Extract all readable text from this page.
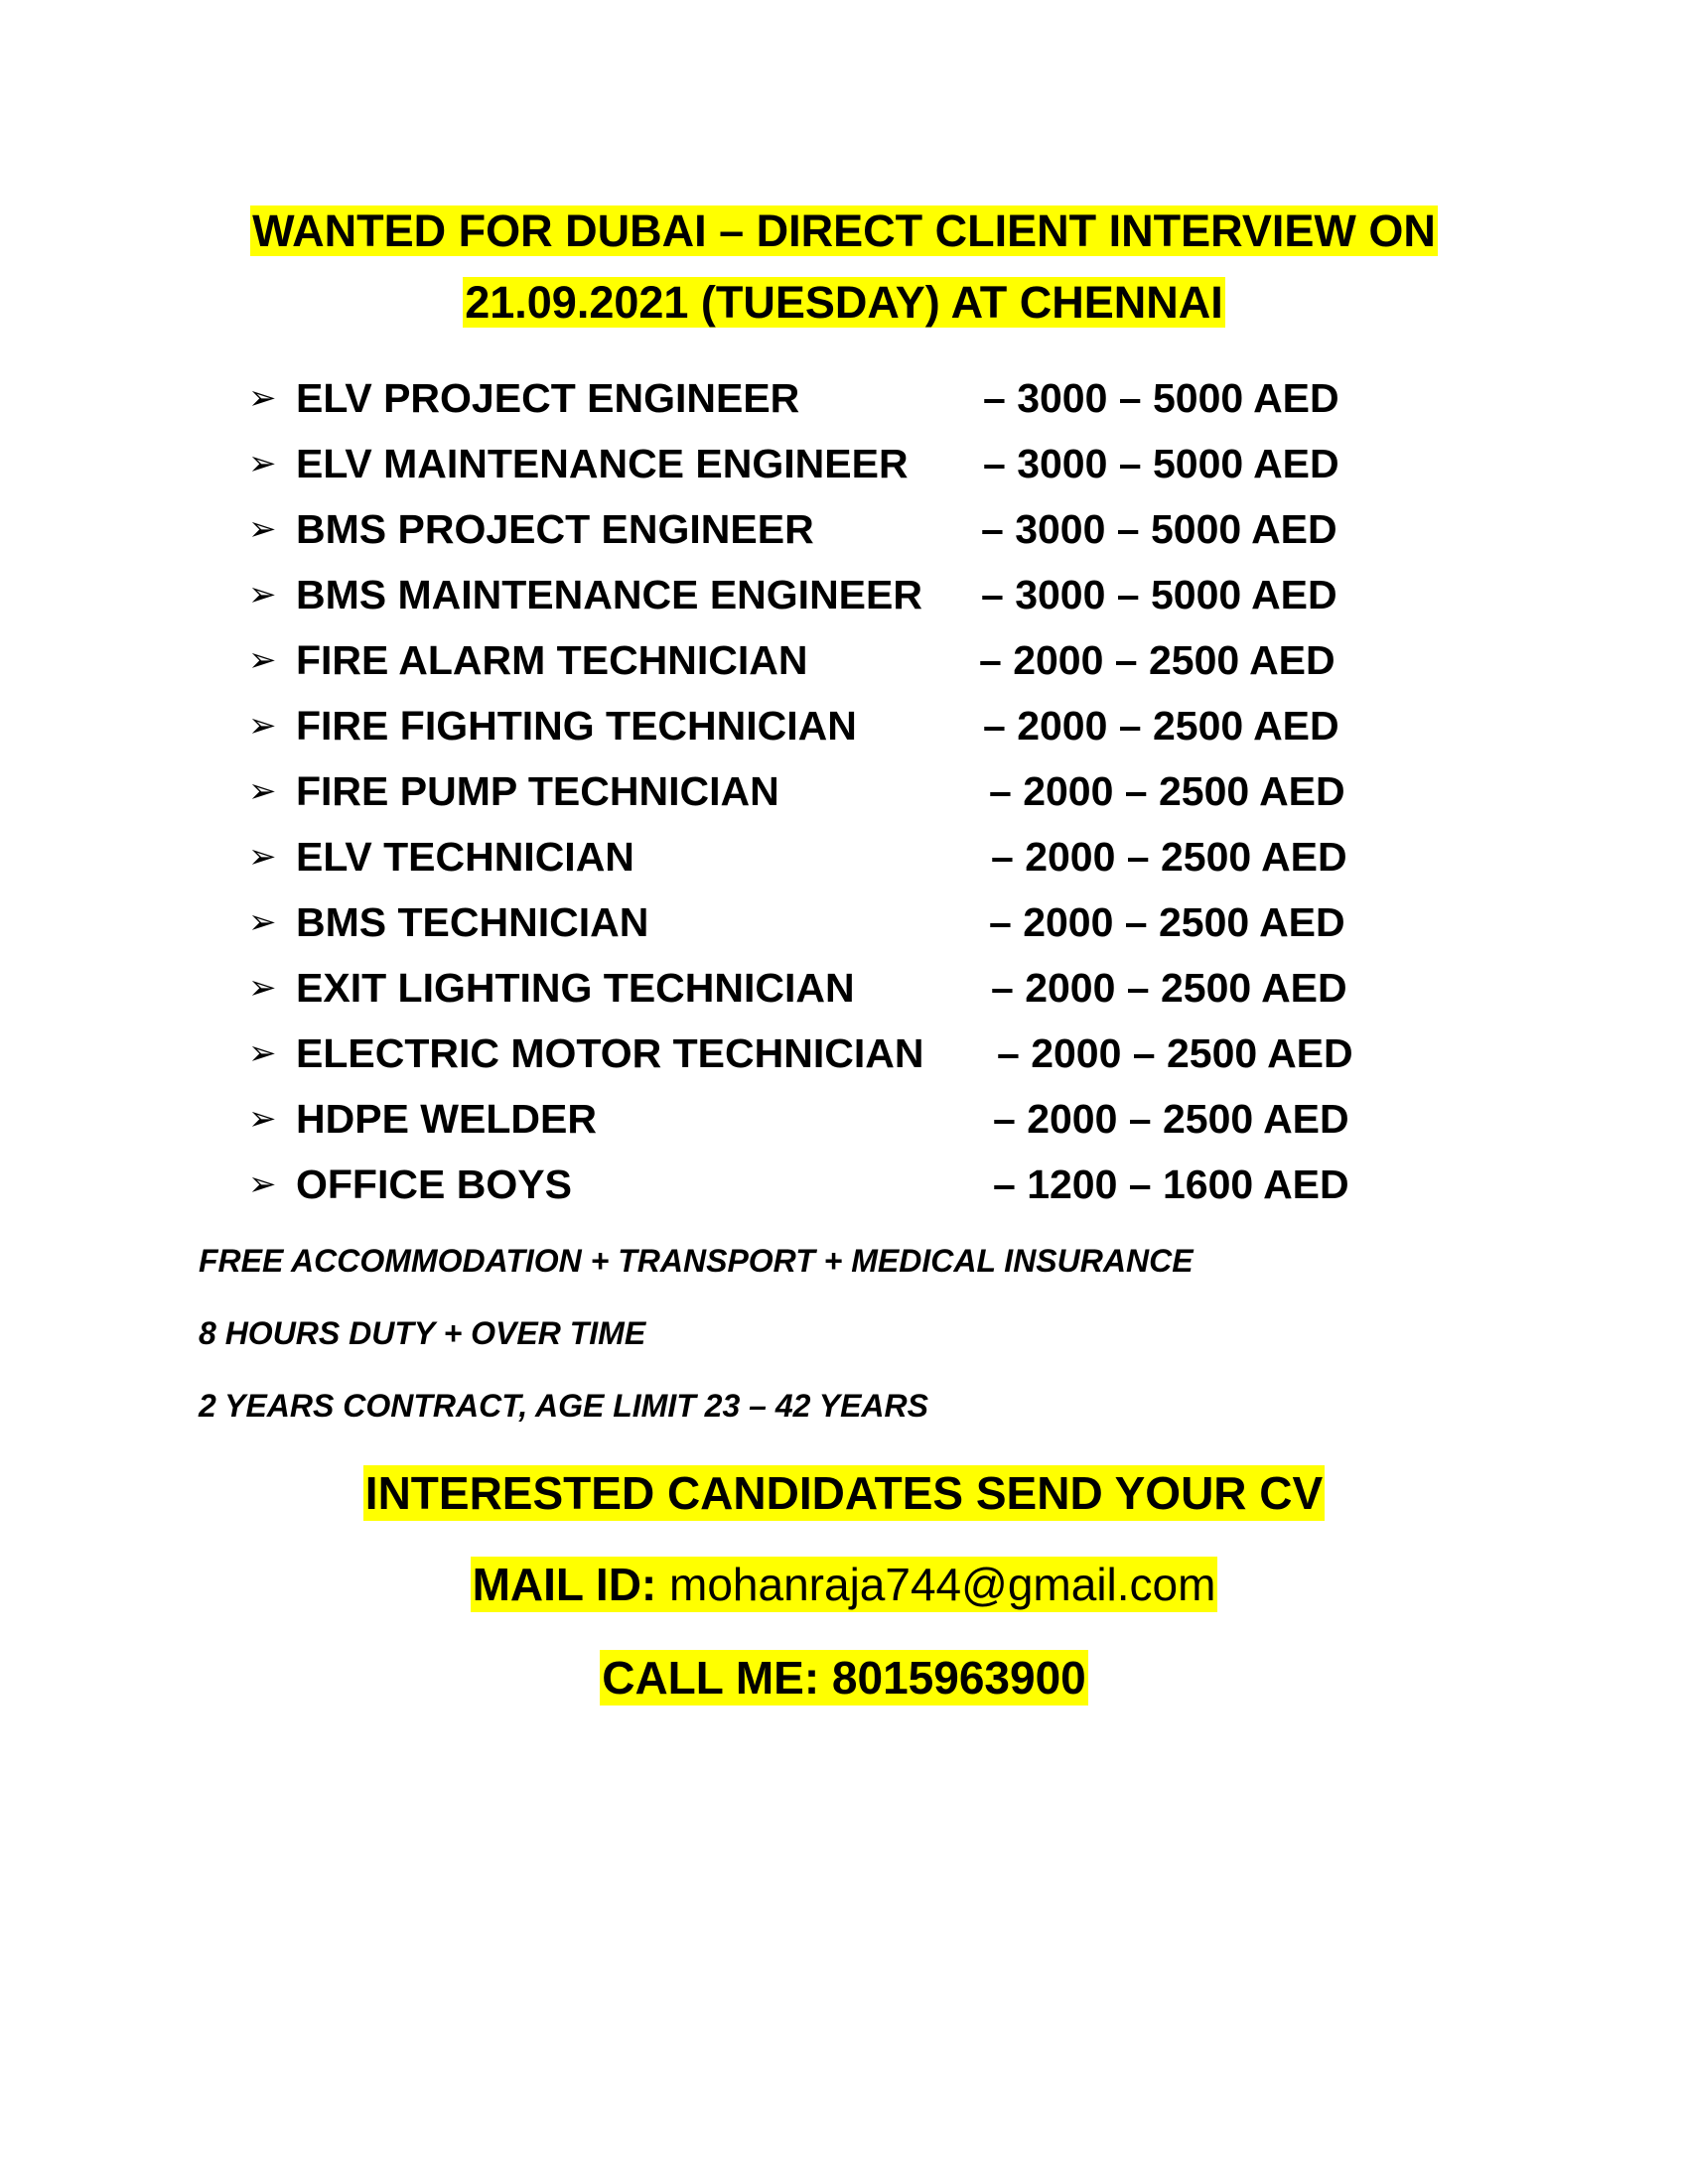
WANTED FOR DUBAI – DIRECT CLIENT INTERVIEW ON
21.09.2021 (TUESDAY) AT CHENNAI
➢ ELV PROJECT ENGINEER	– 3000 – 5000 AED
➢ ELV MAINTENANCE ENGINEER – 3000 – 5000 AED
➢ BMS PROJECT ENGINEER	– 3000 – 5000 AED
➢ BMS MAINTENANCE ENGINEER – 3000 – 5000 AED
➢ FIRE ALARM TECHNICIAN	– 2000 – 2500 AED
➢ FIRE FIGHTING TECHNICIAN	– 2000 – 2500 AED
➢ FIRE PUMP TECHNICIAN	– 2000 – 2500 AED
➢ ELV TECHNICIAN	– 2000 – 2500 AED
➢ BMS TECHNICIAN	– 2000 – 2500 AED
➢ EXIT LIGHTING TECHNICIAN	– 2000 – 2500 AED
➢ ELECTRIC MOTOR TECHNICIAN – 2000 – 2500 AED
➢ HDPE WELDER	– 2000 – 2500 AED
➢ OFFICE BOYS	– 1200 – 1600 AED
FREE ACCOMMODATION + TRANSPORT + MEDICAL INSURANCE
8 HOURS DUTY + OVER TIME
2 YEARS CONTRACT, AGE LIMIT 23 – 42 YEARS
INTERESTED CANDIDATES SEND YOUR CV
MAIL ID: mohanraja744@gmail.com
CALL ME: 8015963900
